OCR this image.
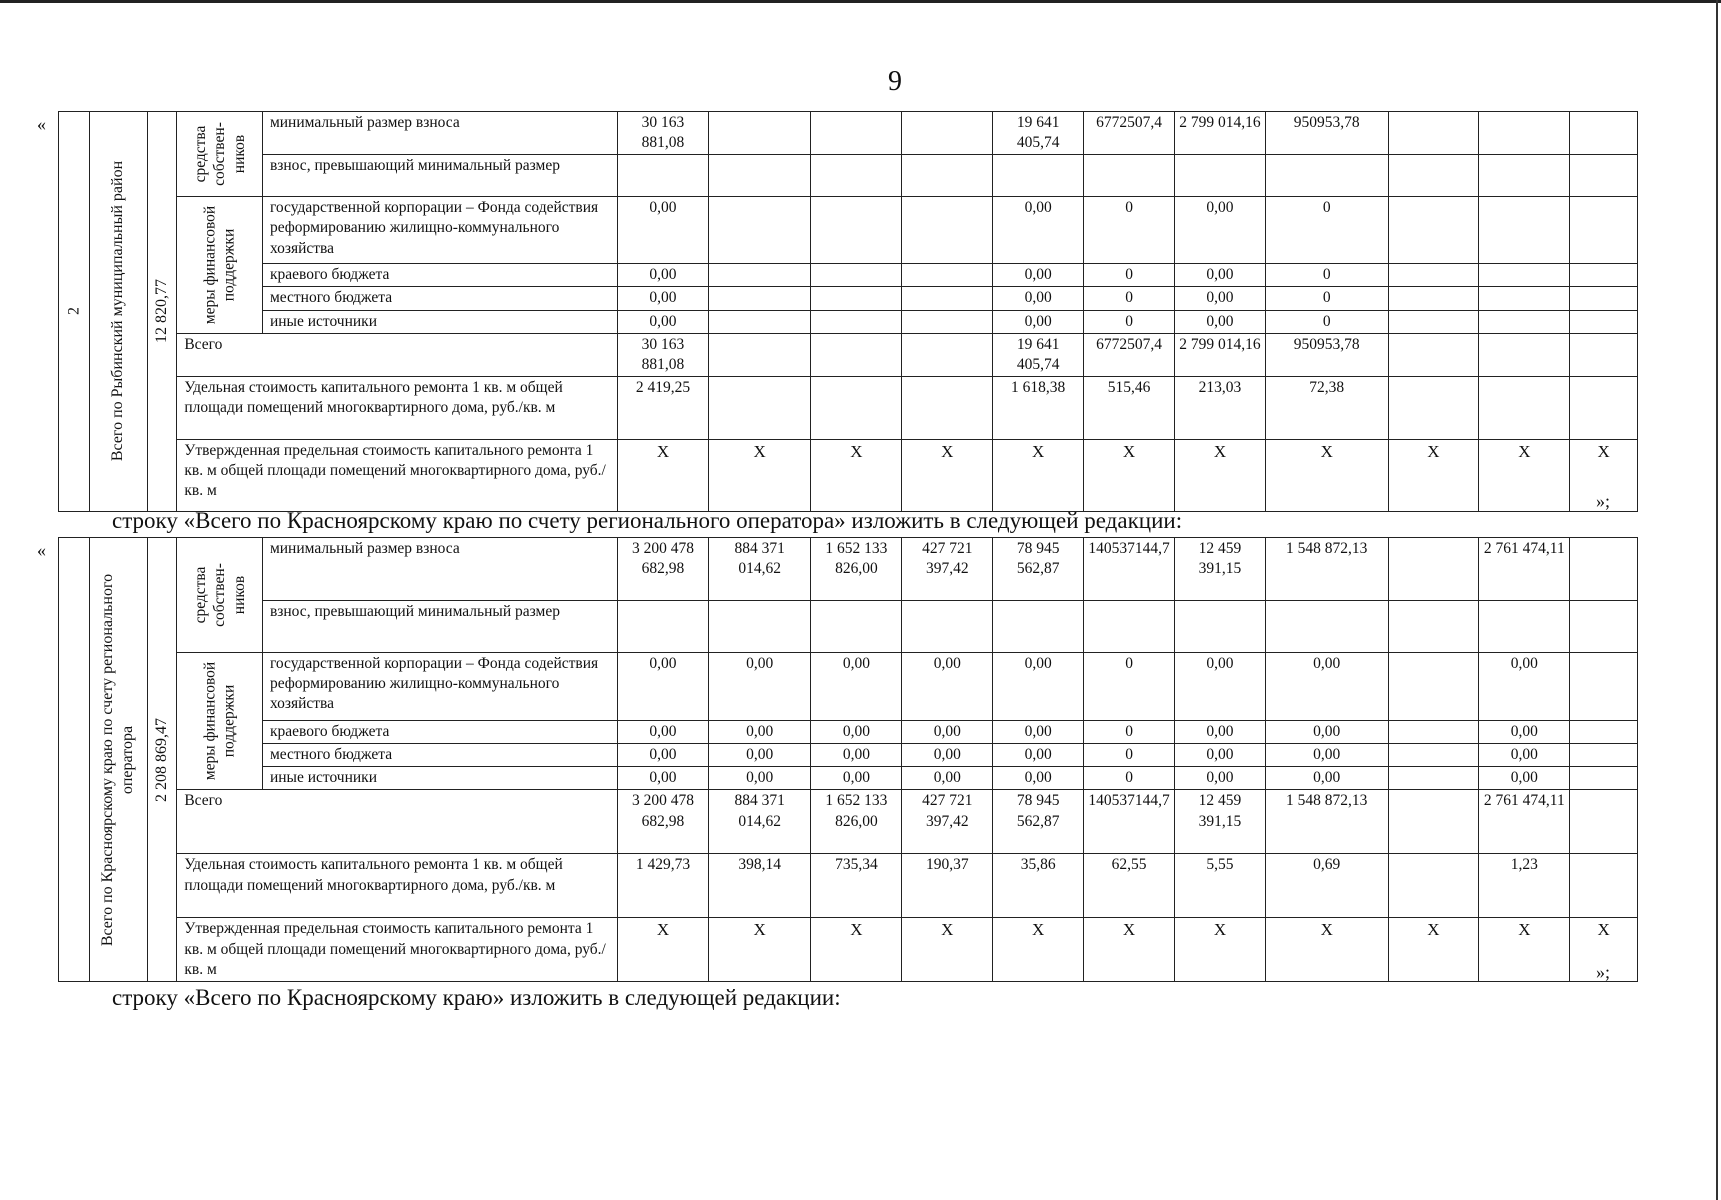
9
«
»;
2	Всего по Рыбинский муниципальный район	12 820,77	средства собствен-ников	минимальный размер взноса	30 163 881,08				19 641 405,74	6772507,4	2 799 014,16	950953,78			
				взнос, превышающий минимальный размер											

			меры финансовой поддержки	государственной корпорации – Фонда содействия реформированию жилищно-коммунального хозяйства	0,00				0,00	0	0,00	0			
				краевого бюджета	0,00				0,00	0	0,00	0			
				местного бюджета	0,00				0,00	0	0,00	0			
				иные источники	0,00				0,00	0	0,00	0			
			Всего		30 163 881,08				19 641 405,74	6772507,4	2 799 014,16	950953,78			
			Удельная стоимость капитального ремонта 1 кв. м общей площади помещений многоквартирного дома, руб./кв. м		2 419,25				1 618,38	515,46	213,03	72,38			
			Утвержденная предельная стоимость капитального ремонта 1 кв. м общей площади помещений многоквартирного дома, руб./кв. м		X	X	X	X	X	X	X	X	X	X	X
строку «Всего по Красноярскому краю по счету регионального оператора» изложить в следующей редакции:
«
»;

	Всего по Красноярскому краю по счету регионального оператора	2 208 869,47	средства собствен-ников	минимальный размер взноса	3 200 478 682,98	884 371 014,62	1 652 133 826,00	427 721 397,42	78 945 562,87	140537144,7	12 459 391,15	1 548 872,13		2 761 474,11	
				взнос, превышающий минимальный размер											

			меры финансовой поддержки	государственной корпорации – Фонда содействия реформированию жилищно-коммунального хозяйства	0,00	0,00	0,00	0,00	0,00	0	0,00	0,00		0,00	
				краевого бюджета	0,00	0,00	0,00	0,00	0,00	0	0,00	0,00		0,00	
				местного бюджета	0,00	0,00	0,00	0,00	0,00	0	0,00	0,00		0,00	
				иные источники	0,00	0,00	0,00	0,00	0,00	0	0,00	0,00		0,00	
			Всего		3 200 478 682,98	884 371 014,62	1 652 133 826,00	427 721 397,42	78 945 562,87	140537144,7	12 459 391,15	1 548 872,13		2 761 474,11	
			Удельная стоимость капитального ремонта 1 кв. м общей площади помещений многоквартирного дома, руб./кв. м		1 429,73	398,14	735,34	190,37	35,86	62,55	5,55	0,69		1,23	
			Утвержденная предельная стоимость капитального ремонта 1 кв. м общей площади помещений многоквартирного дома, руб./кв. м		X	X	X	X	X	X	X	X	X	X	X
строку «Всего по Красноярскому краю» изложить в следующей редакции:
